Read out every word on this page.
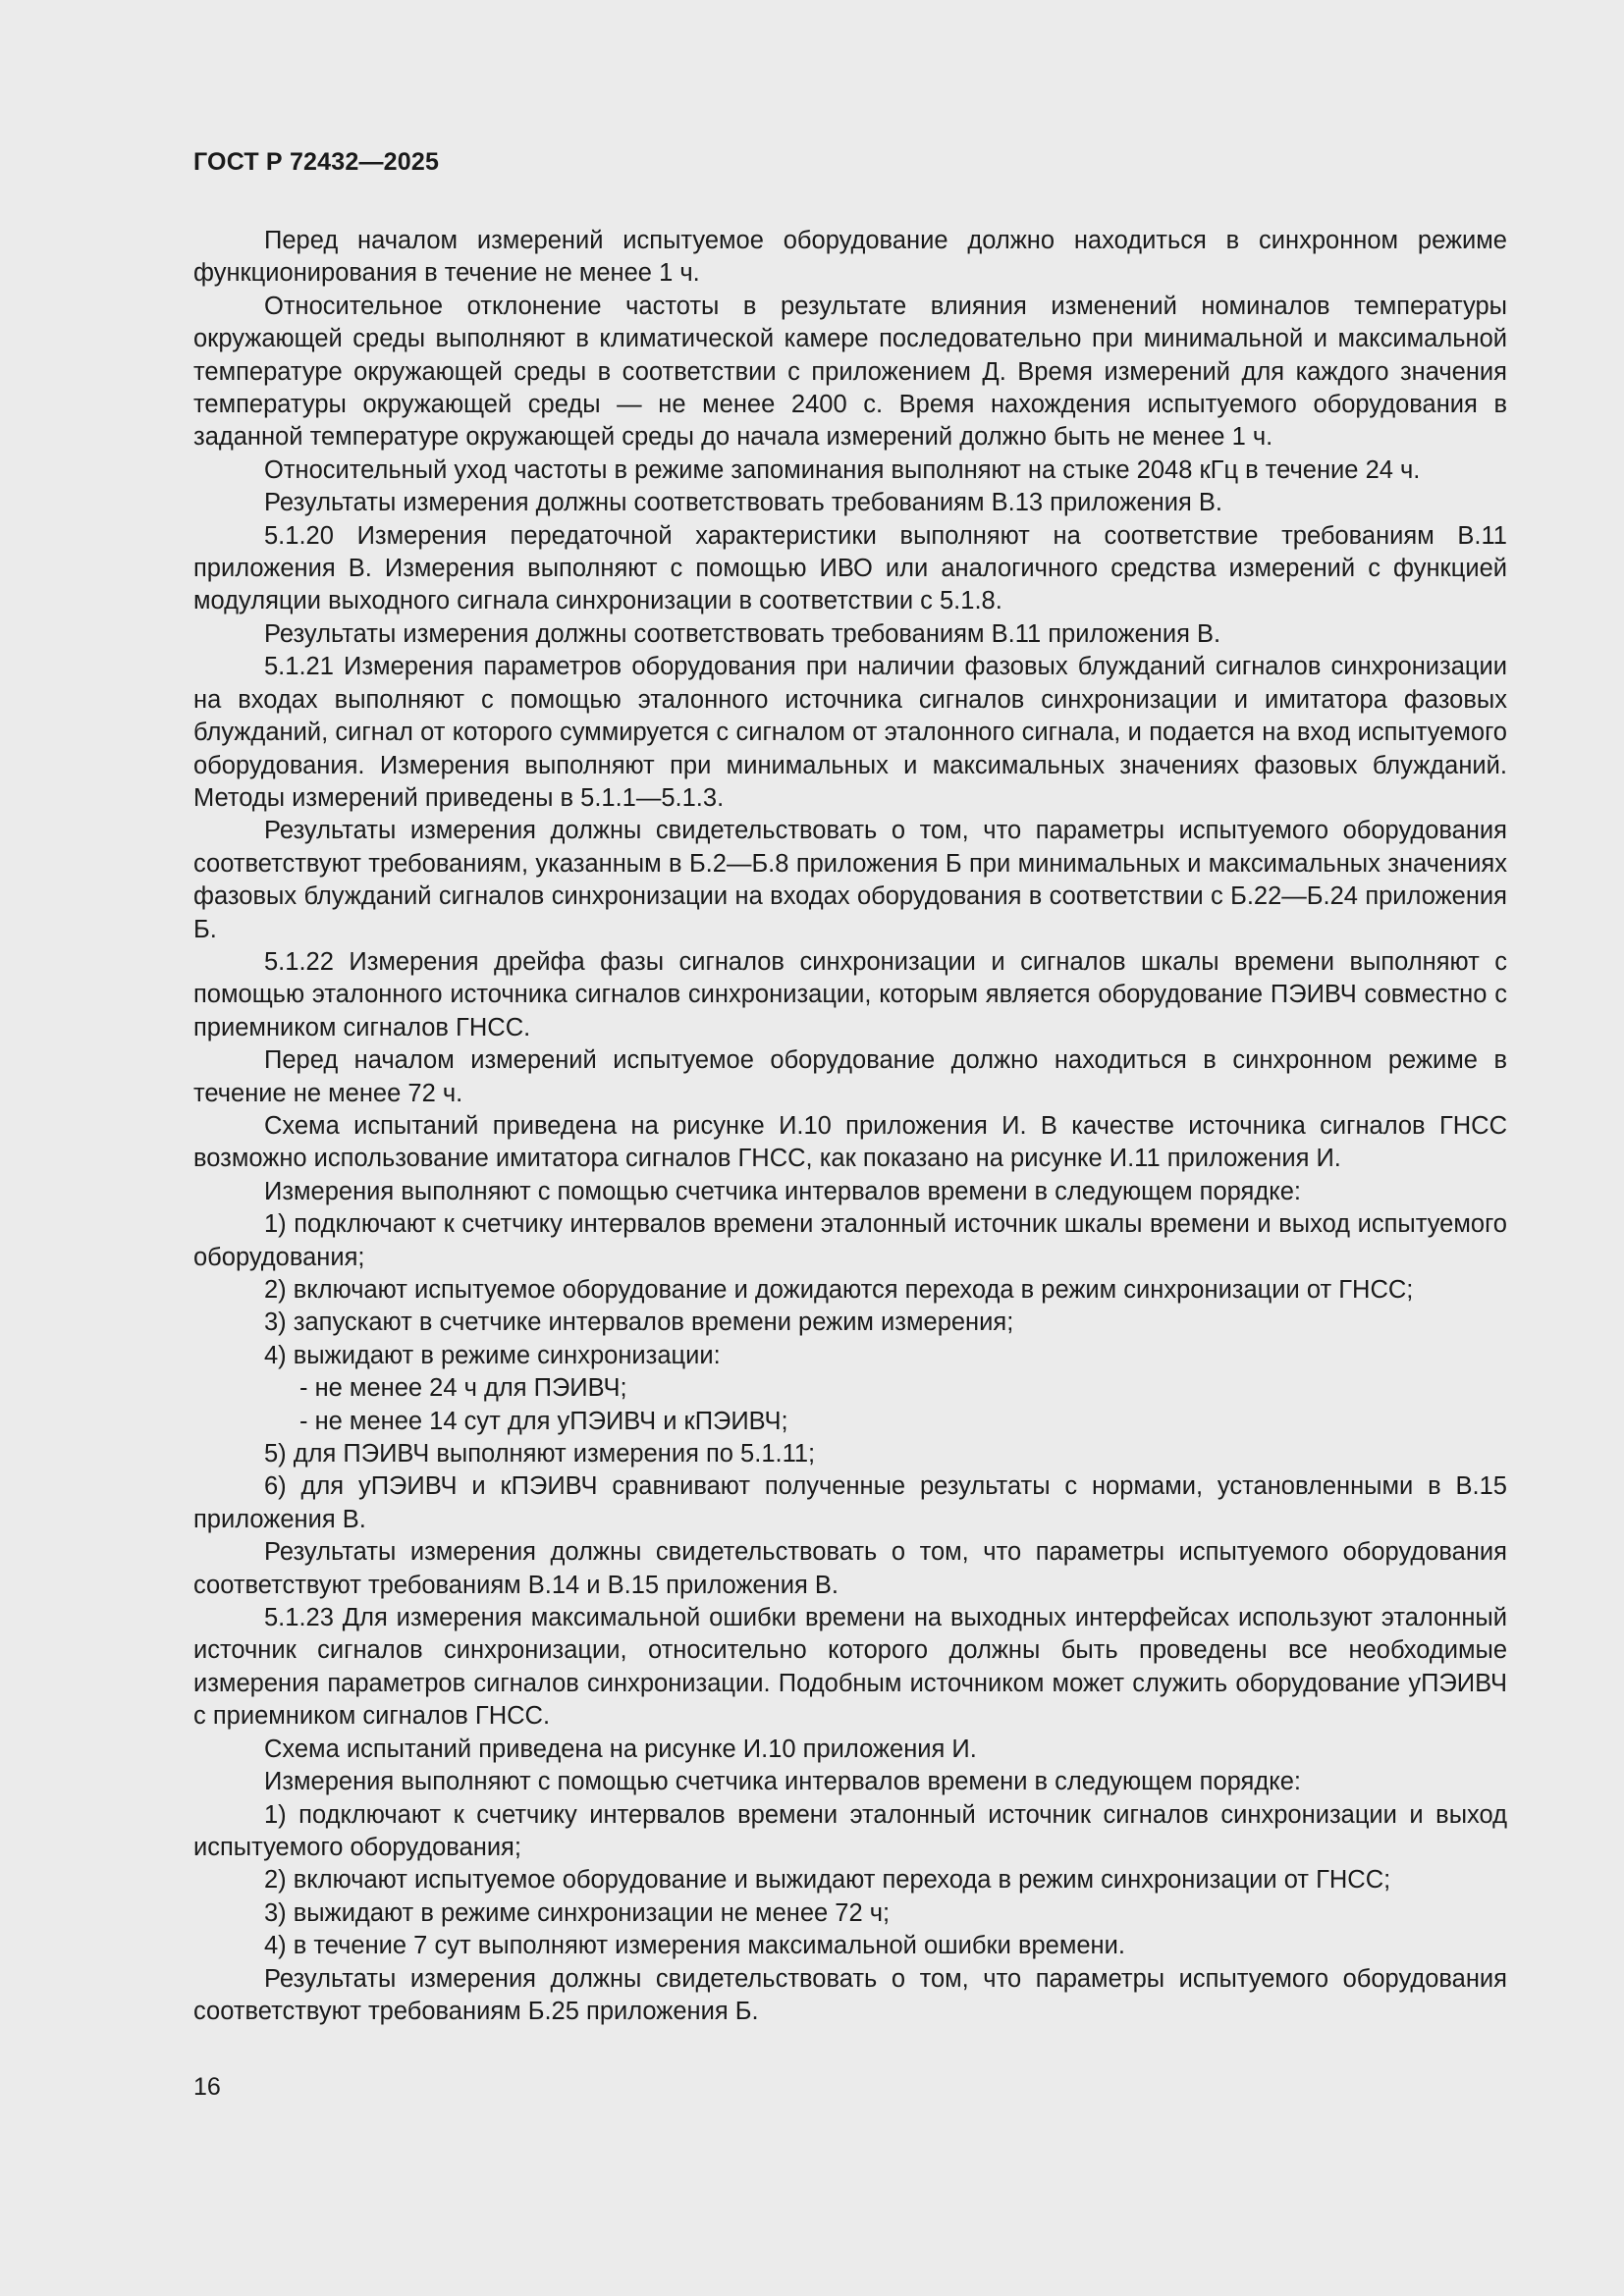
ГОСТ Р 72432—2025

Перед началом измерений испытуемое оборудование должно находиться в синхронном режиме функционирования в течение не менее 1 ч.

Относительное отклонение частоты в результате влияния изменений номиналов температуры окружающей среды выполняют в климатической камере последовательно при минимальной и максимальной температуре окружающей среды в соответствии с приложением Д. Время измерений для каждого значения температуры окружающей среды — не менее 2400 с. Время нахождения испытуемого оборудования в заданной температуре окружающей среды до начала измерений должно быть не менее 1 ч.

Относительный уход частоты в режиме запоминания выполняют на стыке 2048 кГц в течение 24 ч.

Результаты измерения должны соответствовать требованиям В.13 приложения В.

5.1.20 Измерения передаточной характеристики выполняют на соответствие требованиям В.11 приложения В. Измерения выполняют с помощью ИВО или аналогичного средства измерений с функцией модуляции выходного сигнала синхронизации в соответствии с 5.1.8.

Результаты измерения должны соответствовать требованиям В.11 приложения В.

5.1.21 Измерения параметров оборудования при наличии фазовых блужданий сигналов синхронизации на входах выполняют с помощью эталонного источника сигналов синхронизации и имитатора фазовых блужданий, сигнал от которого суммируется с сигналом от эталонного сигнала, и подается на вход испытуемого оборудования. Измерения выполняют при минимальных и максимальных значениях фазовых блужданий. Методы измерений приведены в 5.1.1—5.1.3.

Результаты измерения должны свидетельствовать о том, что параметры испытуемого оборудования соответствуют требованиям, указанным в Б.2—Б.8 приложения Б при минимальных и максимальных значениях фазовых блужданий сигналов синхронизации на входах оборудования в соответствии с Б.22—Б.24 приложения Б.

5.1.22 Измерения дрейфа фазы сигналов синхронизации и сигналов шкалы времени выполняют с помощью эталонного источника сигналов синхронизации, которым является оборудование ПЭИВЧ совместно с приемником сигналов ГНСС.

Перед началом измерений испытуемое оборудование должно находиться в синхронном режиме в течение не менее 72 ч.

Схема испытаний приведена на рисунке И.10 приложения И. В качестве источника сигналов ГНСС возможно использование имитатора сигналов ГНСС, как показано на рисунке И.11 приложения И.

Измерения выполняют с помощью счетчика интервалов времени в следующем порядке:

1) подключают к счетчику интервалов времени эталонный источник шкалы времени и выход испытуемого оборудования;

2) включают испытуемое оборудование и дожидаются перехода в режим синхронизации от ГНСС;

3) запускают в счетчике интервалов времени режим измерения;

4) выжидают в режиме синхронизации:

- не менее 24 ч для ПЭИВЧ;

- не менее 14 сут для уПЭИВЧ и кПЭИВЧ;

5) для ПЭИВЧ выполняют измерения по 5.1.11;

6) для уПЭИВЧ и кПЭИВЧ сравнивают полученные результаты с нормами, установленными в В.15 приложения В.

Результаты измерения должны свидетельствовать о том, что параметры испытуемого оборудования соответствуют требованиям В.14 и В.15 приложения В.

5.1.23 Для измерения максимальной ошибки времени на выходных интерфейсах используют эталонный источник сигналов синхронизации, относительно которого должны быть проведены все необходимые измерения параметров сигналов синхронизации. Подобным источником может служить оборудование уПЭИВЧ с приемником сигналов ГНСС.

Схема испытаний приведена на рисунке И.10 приложения И.

Измерения выполняют с помощью счетчика интервалов времени в следующем порядке:

1) подключают к счетчику интервалов времени эталонный источник сигналов синхронизации и выход испытуемого оборудования;

2) включают испытуемое оборудование и выжидают перехода в режим синхронизации от ГНСС;

3) выжидают в режиме синхронизации не менее 72 ч;

4) в течение 7 сут выполняют измерения максимальной ошибки времени.

Результаты измерения должны свидетельствовать о том, что параметры испытуемого оборудования соответствуют требованиям Б.25 приложения Б.

16
